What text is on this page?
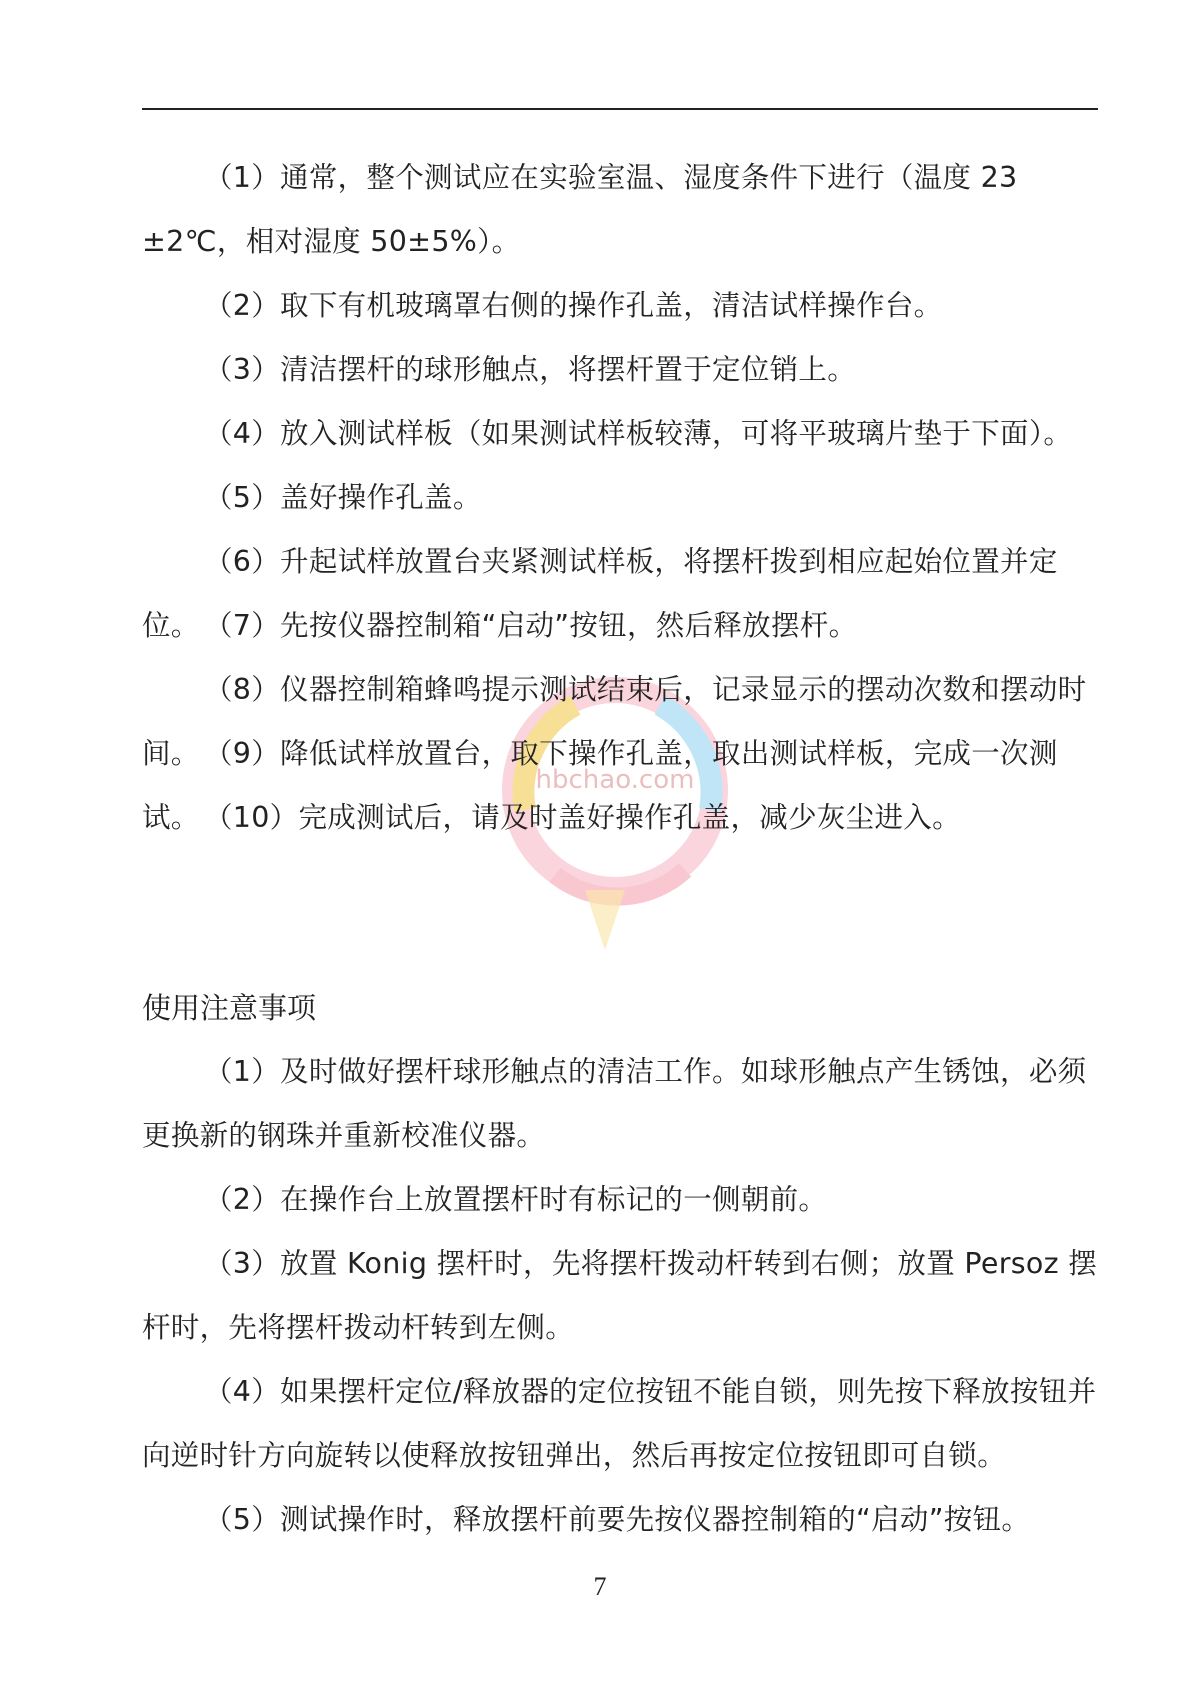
hbchao.com

（1）通常，整个测试应在实验室温、湿度条件下进行（温度 23±2℃，相对湿度 50±5%）。

（2）取下有机玻璃罩右侧的操作孔盖，清洁试样操作台。

（3）清洁摆杆的球形触点，将摆杆置于定位销上。

（4）放入测试样板（如果测试样板较薄，可将平玻璃片垫于下面）。

（5）盖好操作孔盖。

（6）升起试样放置台夹紧测试样板，将摆杆拨到相应起始位置并定位。 （7）先按仪器控制箱“启动”按钮，然后释放摆杆。

（8）仪器控制箱蜂鸣提示测试结束后，记录显示的摆动次数和摆动时间。 （9）降低试样放置台，取下操作孔盖，取出测试样板，完成一次测试。 （10）完成测试后，请及时盖好操作孔盖，减少灰尘进入。

使用注意事项

（1）及时做好摆杆球形触点的清洁工作。如球形触点产生锈蚀，必须更换新的钢珠并重新校准仪器。

（2）在操作台上放置摆杆时有标记的一侧朝前。

（3）放置 Konig 摆杆时，先将摆杆拨动杆转到右侧；放置 Persoz 摆杆时，先将摆杆拨动杆转到左侧。

（4）如果摆杆定位/释放器的定位按钮不能自锁，则先按下释放按钮并向逆时针方向旋转以使释放按钮弹出，然后再按定位按钮即可自锁。

（5）测试操作时，释放摆杆前要先按仪器控制箱的“启动”按钮。

7
